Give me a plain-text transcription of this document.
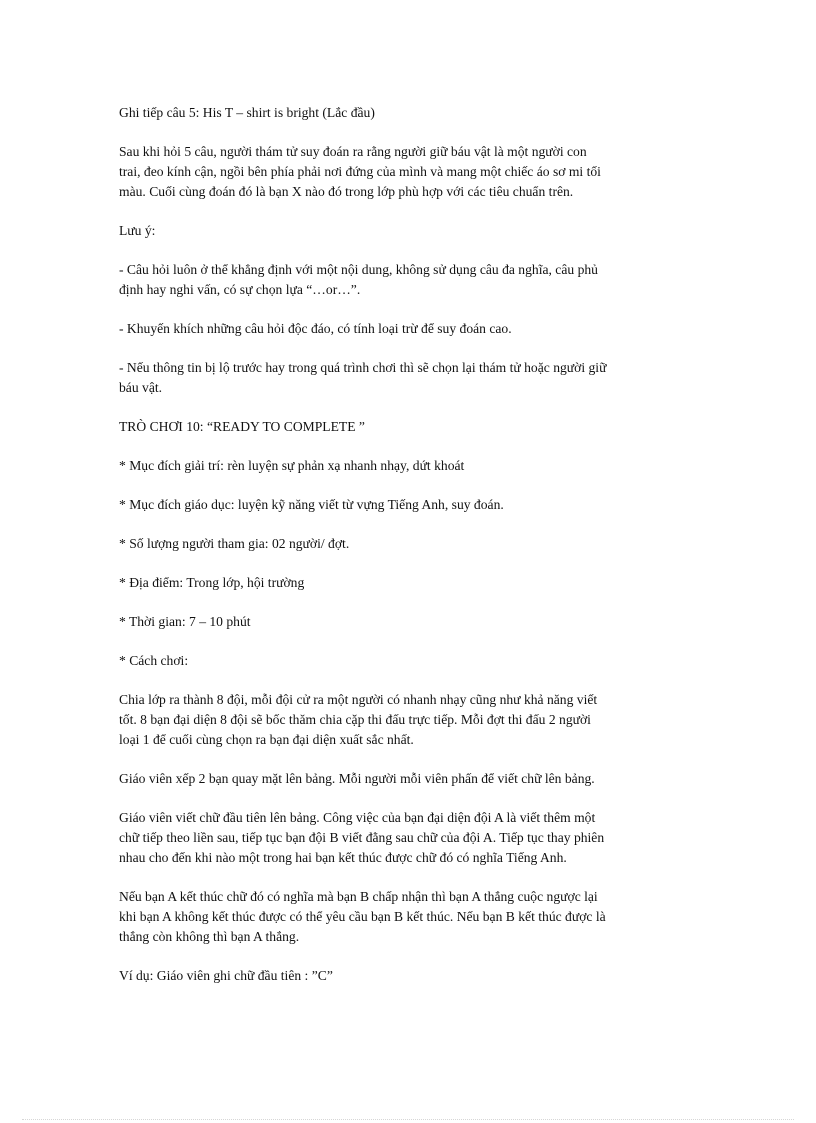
Ghi tiếp câu 5: His T – shirt is bright (Lắc đầu)

Sau khi hỏi 5 câu, người thám tử suy đoán ra rằng người giữ báu vật là một người con
trai, đeo kính cận, ngồi bên phía phải nơi đứng của mình và mang một chiếc áo sơ mi tối
màu. Cuối cùng đoán đó là bạn X nào đó trong lớp phù hợp với các tiêu chuẩn trên.

Lưu ý:

- Câu hỏi luôn ở thể khẳng định với một nội dung, không sử dụng câu đa nghĩa, câu phủ
định hay nghi vấn, có sự chọn lựa “…or…”.

- Khuyến khích những câu hỏi độc đáo, có tính loại trừ để suy đoán cao.

- Nếu thông tin bị lộ trước hay trong quá trình chơi thì sẽ chọn lại thám tử hoặc người giữ
báu vật.

TRÒ CHƠI 10: “READY TO COMPLETE ”

* Mục đích giải trí: rèn luyện sự phản xạ nhanh nhạy, dứt khoát

* Mục đích giáo dục: luyện kỹ năng viết từ vựng Tiếng Anh, suy đoán.

* Số lượng người tham gia: 02 người/ đợt.

* Địa điểm: Trong lớp, hội trường

* Thời gian: 7 – 10 phút

* Cách chơi:

Chia lớp ra thành 8 đội, mỗi đội cử ra một người có nhanh nhạy cũng như khả năng viết
tốt. 8 bạn đại diện 8 đội sẽ bốc thăm chia cặp thi đấu trực tiếp. Mỗi đợt thi đấu 2 người
loại 1 để cuối cùng chọn ra bạn đại diện xuất sắc nhất.

Giáo viên xếp 2 bạn quay mặt lên bảng. Mỗi người mỗi viên phấn để viết chữ lên bảng.

Giáo viên viết chữ đầu tiên lên bảng. Công việc của bạn đại diện đội A là viết thêm một
chữ tiếp theo liền sau, tiếp tục bạn đội B viết đằng sau chữ của đội A. Tiếp tục thay phiên
nhau cho đến khi nào một trong hai bạn kết thúc được chữ đó có nghĩa Tiếng Anh.

Nếu bạn A kết thúc chữ đó có nghĩa mà bạn B chấp nhận thì bạn A thắng cuộc ngược lại
khi bạn A không kết thúc được có thể yêu cầu bạn B kết thúc. Nếu bạn B kết thúc được là
thắng còn không thì bạn A thắng.

Ví dụ: Giáo viên ghi chữ đầu tiên : ”C”
